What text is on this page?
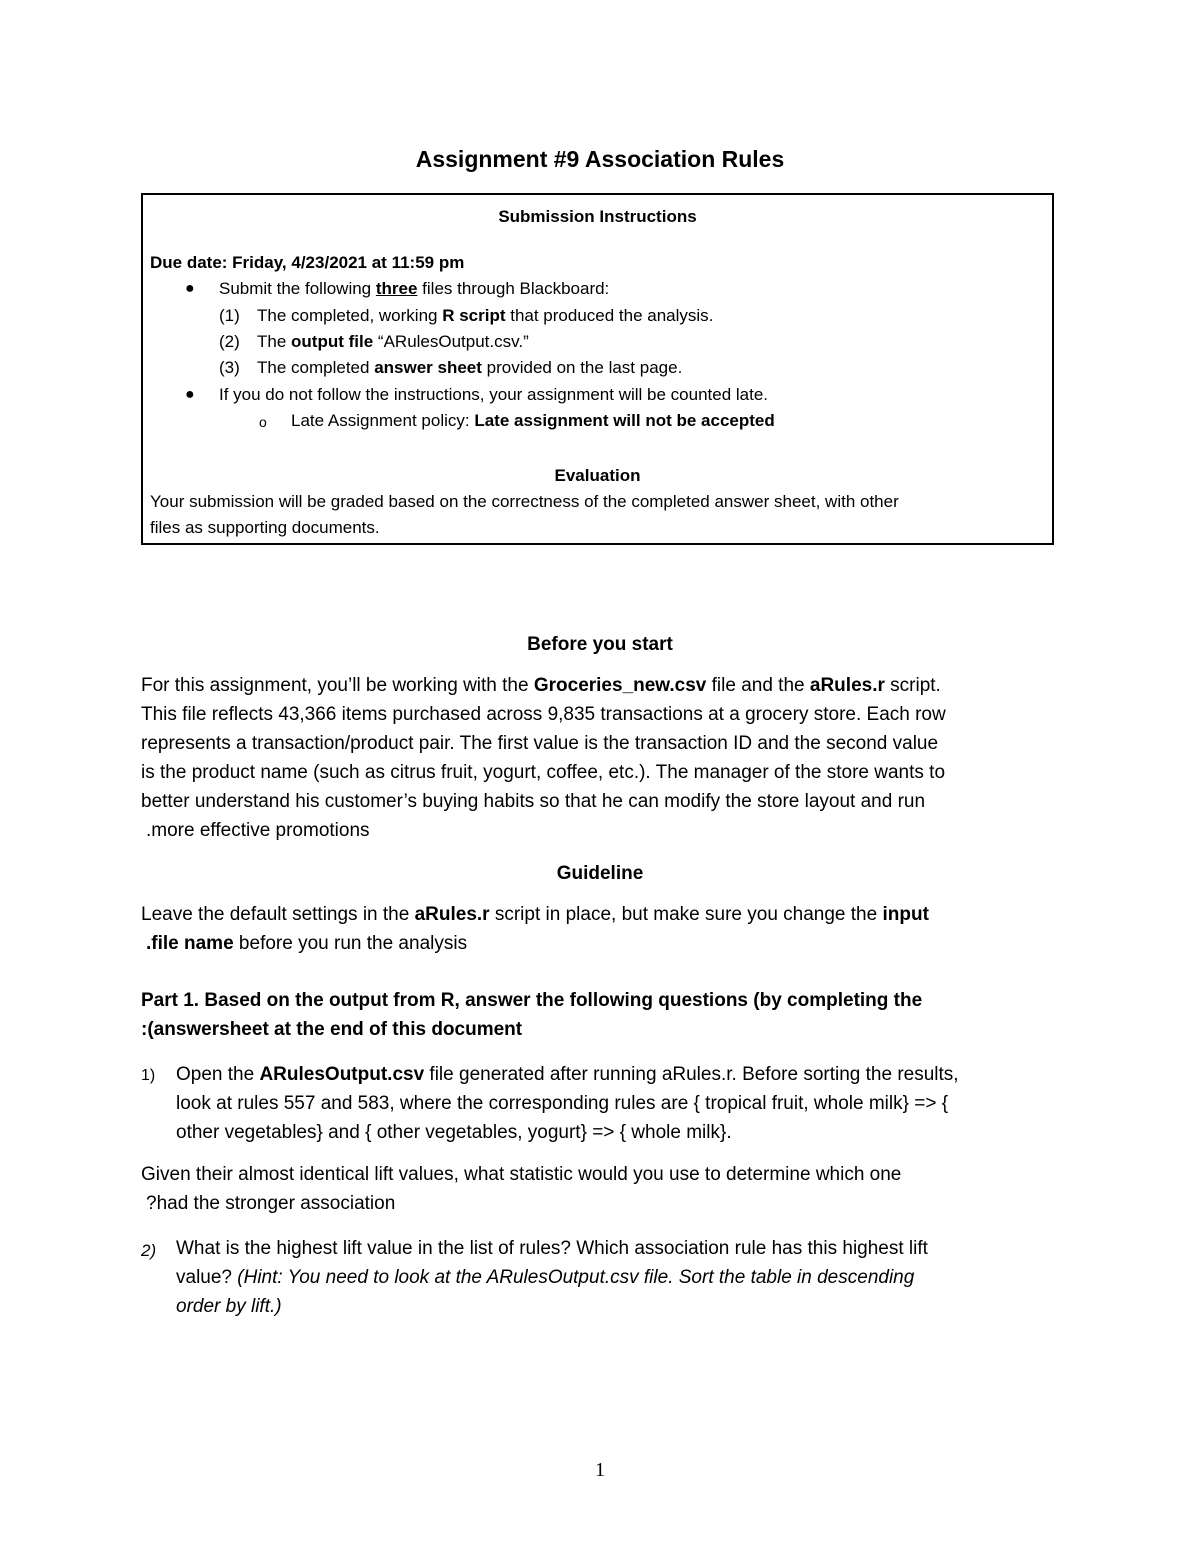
Assignment #9 Association Rules
Submission Instructions
Due date: Friday, 4/23/2021 at 11:59 pm
● Submit the following three files through Blackboard:
(1) The completed, working R script that produced the analysis.
(2) The output file “ARulesOutput.csv.”
(3) The completed answer sheet provided on the last page.
● If you do not follow the instructions, your assignment will be counted late.
o Late Assignment policy: Late assignment will not be accepted
Evaluation
Your submission will be graded based on the correctness of the completed answer sheet, with other
files as supporting documents.
Before you start
For this assignment, you’ll be working with the Groceries_new.csv file and the aRules.r script.
This file reflects 43,366 items purchased across 9,835 transactions at a grocery store. Each row
represents a transaction/product pair. The first value is the transaction ID and the second value
is the product name (such as citrus fruit, yogurt, coffee, etc.). The manager of the store wants to
better understand his customer’s buying habits so that he can modify the store layout and run
.more effective promotions
Guideline
Leave the default settings in the aRules.r script in place, but make sure you change the input
.file name before you run the analysis
Part 1. Based on the output from R, answer the following questions (by completing the
:(answersheet at the end of this document
1) Open the ARulesOutput.csv file generated after running aRules.r. Before sorting the results,
look at rules 557 and 583, where the corresponding rules are { tropical fruit, whole milk} => {
other vegetables} and { other vegetables, yogurt} => { whole milk}.
Given their almost identical lift values, what statistic would you use to determine which one
?had the stronger association
2) What is the highest lift value in the list of rules? Which association rule has this highest lift
value? (Hint: You need to look at the ARulesOutput.csv file. Sort the table in descending
order by lift.)
1
